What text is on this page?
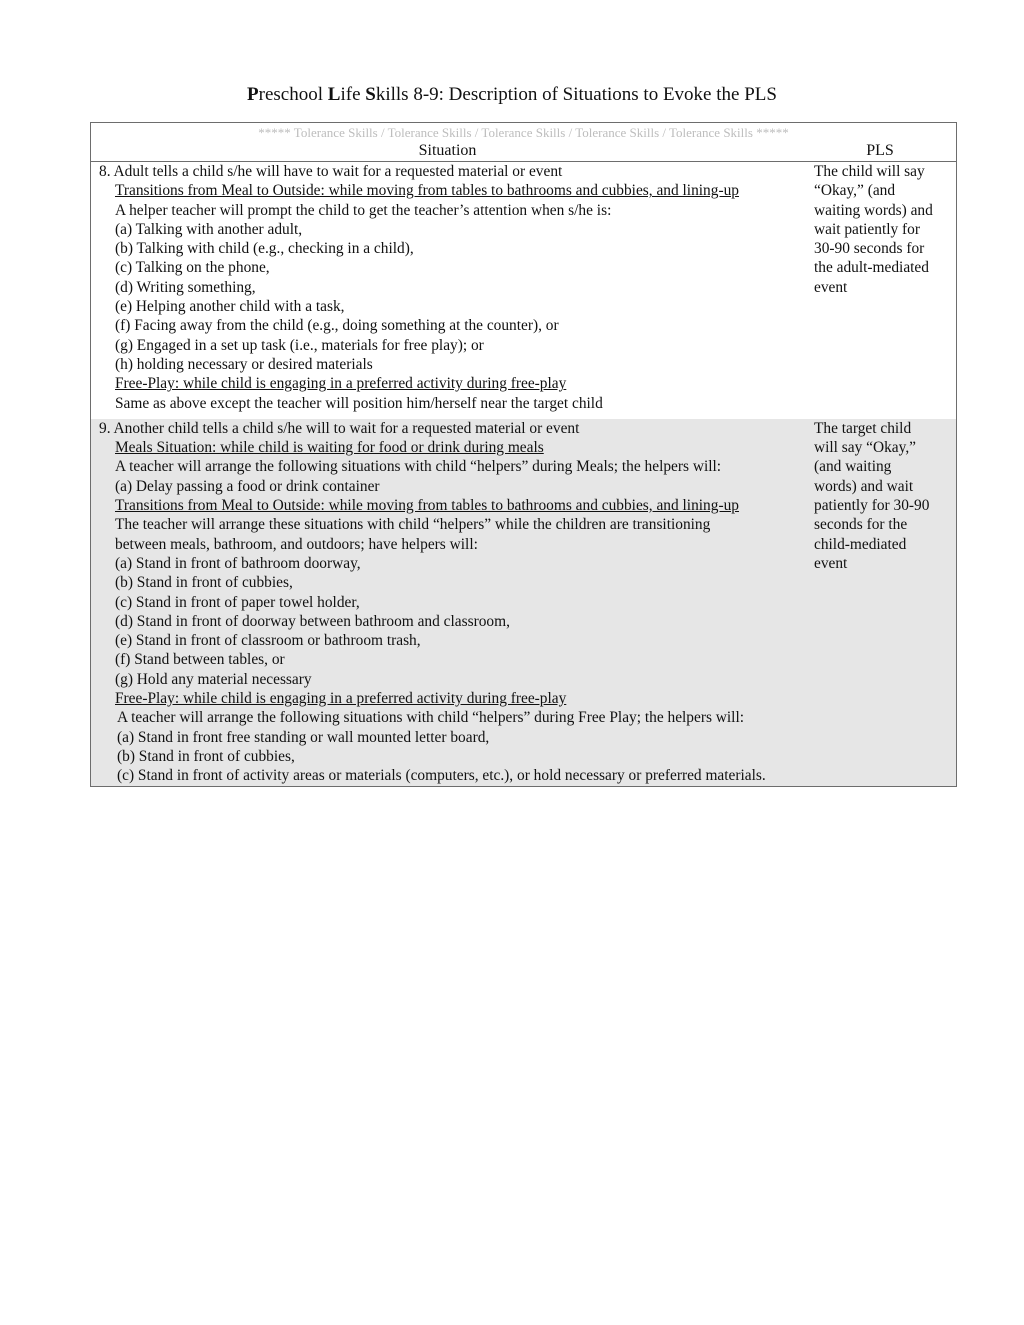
Preschool Life Skills 8-9: Description of Situations to Evoke the PLS
***** Tolerance Skills / Tolerance Skills / Tolerance Skills / Tolerance Skills / Tolerance Skills *****
Situation	PLS
8. Adult tells a child s/he will have to wait for a requested material or event
Transitions from Meal to Outside: while moving from tables to bathrooms and cubbies, and lining-up
A helper teacher will prompt the child to get the teacher’s attention when s/he is:
(a) Talking with another adult,
(b) Talking with child (e.g., checking in a child),
(c) Talking on the phone,
(d) Writing something,
(e) Helping another child with a task,
(f) Facing away from the child (e.g., doing something at the counter), or
(g) Engaged in a set up task (i.e., materials for free play); or
(h) holding necessary or desired materials
Free-Play: while child is engaging in a preferred activity during free-play
Same as above except the teacher will position him/herself near the target child
The child will say
“Okay,” (and
waiting words) and
wait patiently for
30-90 seconds for
the adult-mediated
event
9. Another child tells a child s/he will to wait for a requested material or event
Meals Situation: while child is waiting for food or drink during meals
A teacher will arrange the following situations with child “helpers” during Meals; the helpers will:
(a) Delay passing a food or drink container
Transitions from Meal to Outside: while moving from tables to bathrooms and cubbies, and lining-up
The teacher will arrange these situations with child “helpers” while the children are transitioning
between meals, bathroom, and outdoors; have helpers will:
(a) Stand in front of bathroom doorway,
(b) Stand in front of cubbies,
(c) Stand in front of paper towel holder,
(d) Stand in front of doorway between bathroom and classroom,
(e) Stand in front of classroom or bathroom trash,
(f) Stand between tables, or
(g) Hold any material necessary
Free-Play: while child is engaging in a preferred activity during free-play
A teacher will arrange the following situations with child “helpers” during Free Play; the helpers will:
(a) Stand in front free standing or wall mounted letter board,
(b) Stand in front of cubbies,
(c) Stand in front of activity areas or materials (computers, etc.), or hold necessary or preferred materials.
The target child
will say “Okay,”
(and waiting
words) and wait
patiently for 30-90
seconds for the
child-mediated
event
